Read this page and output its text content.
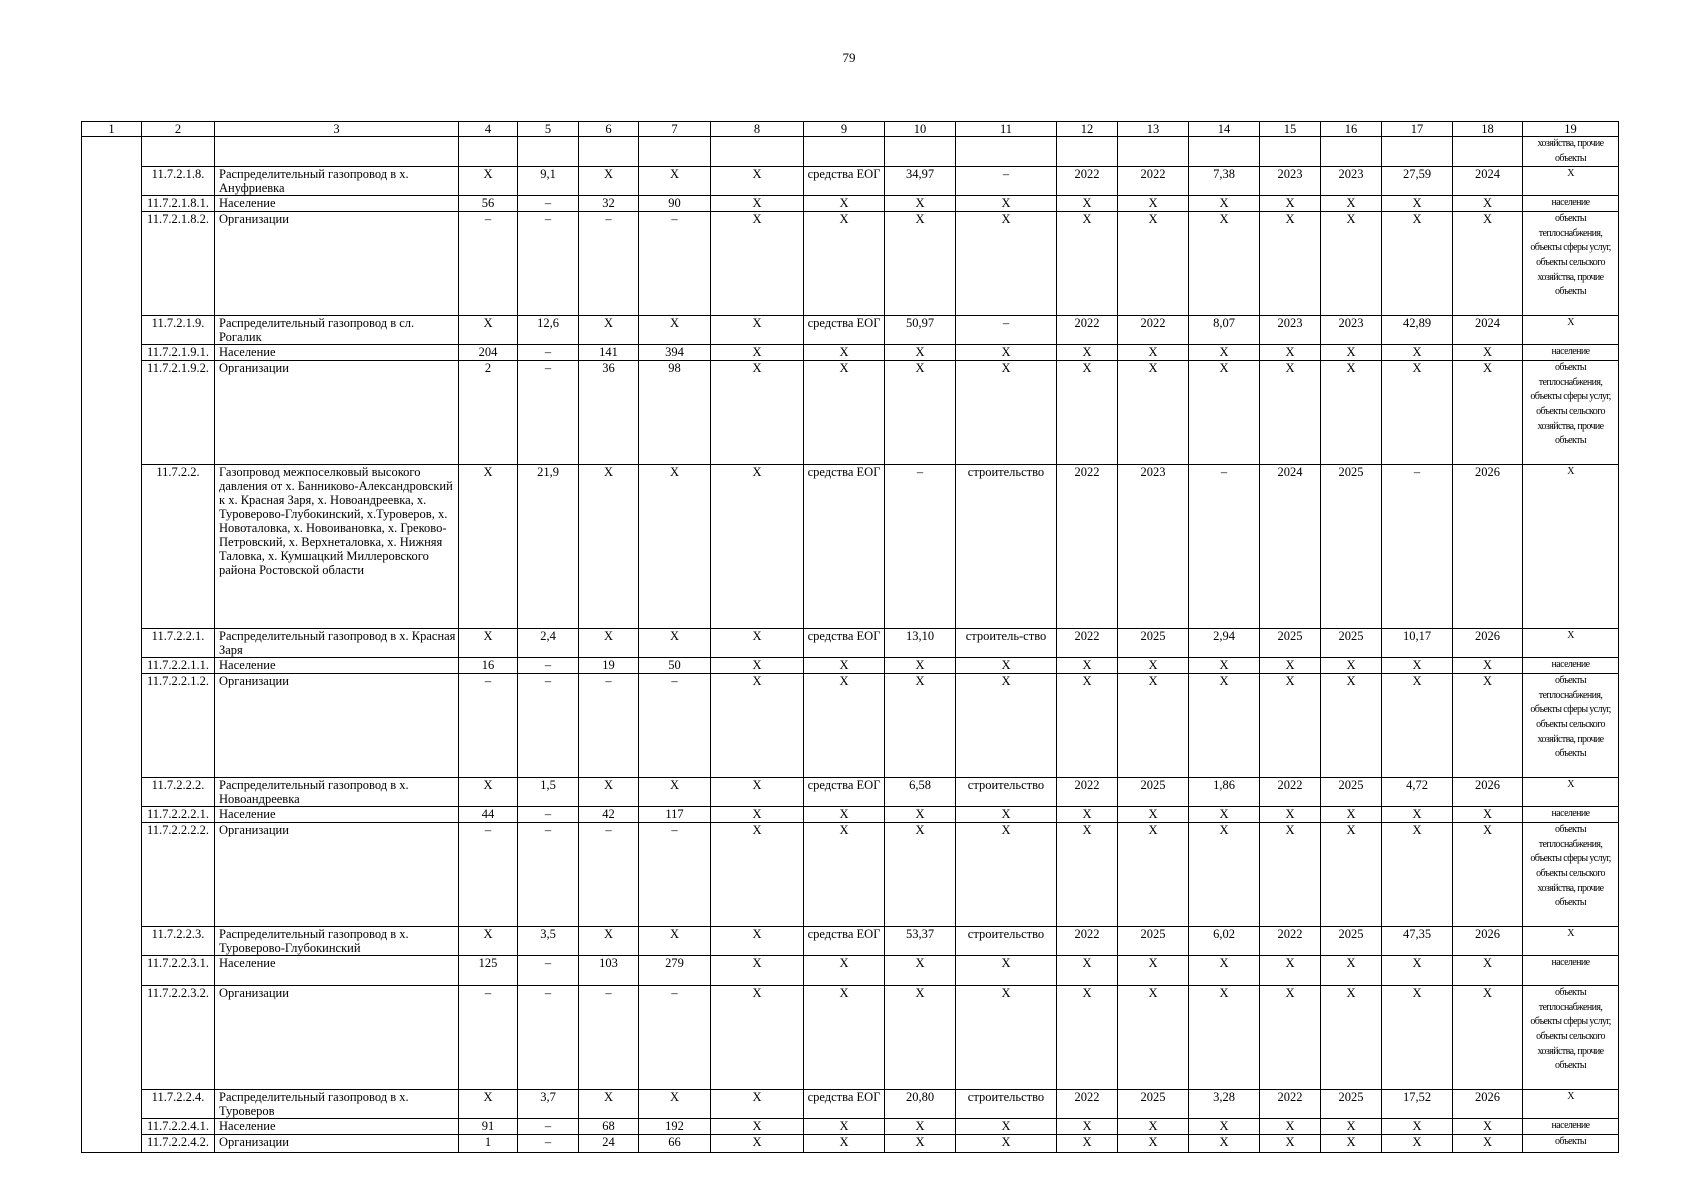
79
1	2	3	4	5	6	7	8	9	10	11	12	13	14	15	16	17	18	19
																		хозяйства, прочие объекты
	11.7.2.1.8.	Распределительный газопровод в х. Ануфриевка	X	9,1	X	X	X	средства ЕОГ	34,97	–	2022	2022	7,38	2023	2023	27,59	2024	X
	11.7.2.1.8.1.	Население	56	–	32	90	X	X	X	X	X	X	X	X	X	X	X	население
	11.7.2.1.8.2.	Организации	–	–	–	–	X	X	X	X	X	X	X	X	X	X	X	объекты теплоснабжения, объекты сферы услуг, объекты сельского хозяйства, прочие объекты
	11.7.2.1.9.	Распределительный газопровод в сл. Рогалик	X	12,6	X	X	X	средства ЕОГ	50,97	–	2022	2022	8,07	2023	2023	42,89	2024	X
	11.7.2.1.9.1.	Население	204	–	141	394	X	X	X	X	X	X	X	X	X	X	X	население
	11.7.2.1.9.2.	Организации	2	–	36	98	X	X	X	X	X	X	X	X	X	X	X	объекты теплоснабжения, объекты сферы услуг, объекты сельского хозяйства, прочие объекты
	11.7.2.2.	Газопровод межпоселковый высокого давления от х. Банниково-Александровский к х. Красная Заря, х. Новоандреевка, х. Туроверово-Глубокинский, х.Туроверов, х. Новоталовка, х. Новоивановка, х. Греково-Петровский, х. Верхнеталовка, х. Нижняя Таловка, х. Кумшацкий Миллеровского района Ростовской области	X	21,9	X	X	X	средства ЕОГ	–	строительство	2022	2023	–	2024	2025	–	2026	X
	11.7.2.2.1.	Распределительный газопровод в х. Красная Заря	X	2,4	X	X	X	средства ЕОГ	13,10	строитель-ство	2022	2025	2,94	2025	2025	10,17	2026	X
	11.7.2.2.1.1.	Население	16	–	19	50	X	X	X	X	X	X	X	X	X	X	X	население
	11.7.2.2.1.2.	Организации	–	–	–	–	X	X	X	X	X	X	X	X	X	X	X	объекты теплоснабжения, объекты сферы услуг, объекты сельского хозяйства, прочие объекты
	11.7.2.2.2.	Распределительный газопровод в х. Новоандреевка	X	1,5	X	X	X	средства ЕОГ	6,58	строительство	2022	2025	1,86	2022	2025	4,72	2026	X
	11.7.2.2.2.1.	Население	44	–	42	117	X	X	X	X	X	X	X	X	X	X	X	население
	11.7.2.2.2.2.	Организации	–	–	–	–	X	X	X	X	X	X	X	X	X	X	X	объекты теплоснабжения, объекты сферы услуг, объекты сельского хозяйства, прочие объекты
	11.7.2.2.3.	Распределительный газопровод в х. Туроверово-Глубокинский	X	3,5	X	X	X	средства ЕОГ	53,37	строительство	2022	2025	6,02	2022	2025	47,35	2026	X
	11.7.2.2.3.1.	Население	125	–	103	279	X	X	X	X	X	X	X	X	X	X	X	население
	11.7.2.2.3.2.	Организации	–	–	–	–	X	X	X	X	X	X	X	X	X	X	X	объекты теплоснабжения, объекты сферы услуг, объекты сельского хозяйства, прочие объекты
	11.7.2.2.4.	Распределительный газопровод в х. Туроверов	X	3,7	X	X	X	средства ЕОГ	20,80	строительство	2022	2025	3,28	2022	2025	17,52	2026	X
	11.7.2.2.4.1.	Население	91	–	68	192	X	X	X	X	X	X	X	X	X	X	X	население
	11.7.2.2.4.2.	Организации	1	–	24	66	X	X	X	X	X	X	X	X	X	X	X	объекты
